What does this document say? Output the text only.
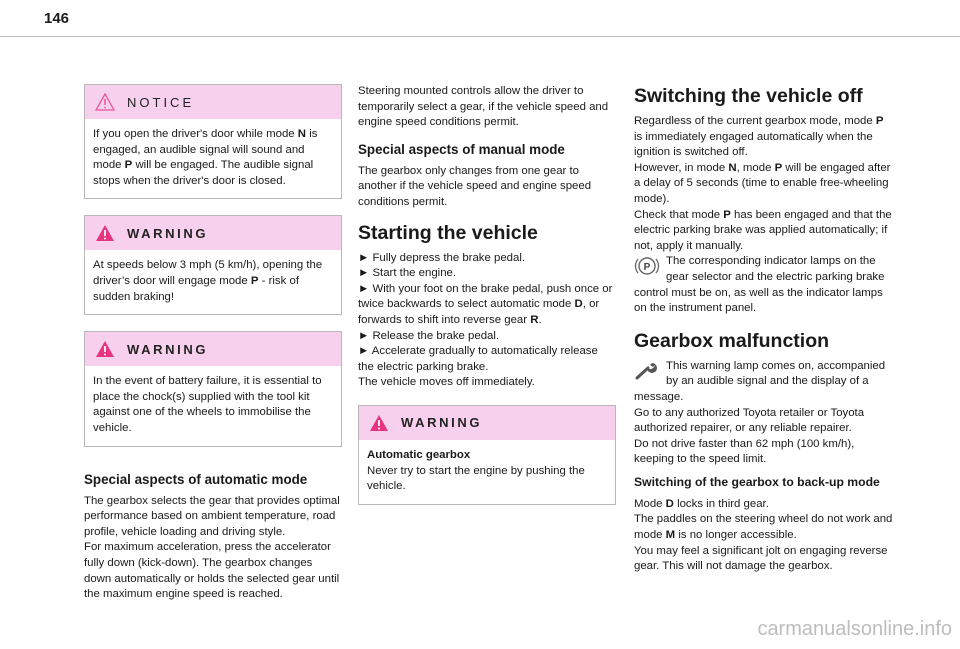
146
NOTICE

If you open the driver's door while mode N is engaged, an audible signal will sound and mode P will be engaged. The audible signal stops when the driver's door is closed.

WARNING

At speeds below 3 mph (5 km/h), opening the driver’s door will engage mode P - risk of sudden braking!

WARNING

In the event of battery failure, it is essential to place the chock(s) supplied with the tool kit against one of the wheels to immobilise the vehicle.

Special aspects of automatic mode

The gearbox selects the gear that provides optimal performance based on ambient temperature, road profile, vehicle loading and driving style.

For maximum acceleration, press the accelerator fully down (kick-down). The gearbox changes down automatically or holds the selected gear until the maximum engine speed is reached.

Steering mounted controls allow the driver to temporarily select a gear, if the vehicle speed and engine speed conditions permit.

Special aspects of manual mode

The gearbox only changes from one gear to another if the vehicle speed and engine speed conditions permit.

Starting the vehicle

► Fully depress the brake pedal.

► Start the engine.

► With your foot on the brake pedal, push once or twice backwards to select automatic mode D, or forwards to shift into reverse gear R.

► Release the brake pedal.

► Accelerate gradually to automatically release the electric parking brake.

The vehicle moves off immediately.

WARNING

Automatic gearbox

Never try to start the engine by pushing the vehicle.

Switching the vehicle off

Regardless of the current gearbox mode, mode P is immediately engaged automatically when the ignition is switched off.

However, in mode N, mode P will be engaged after a delay of 5 seconds (time to enable free-wheeling mode).

Check that mode P has been engaged and that the electric parking brake was applied automatically; if not, apply it manually.

P
The corresponding indicator lamps on the gear selector and the electric parking brake control must be on, as well as the indicator lamps on the instrument panel.

Gearbox malfunction

This warning lamp comes on, accompanied by an audible signal and the display of a message.

Go to any authorized Toyota retailer or Toyota authorized repairer, or any reliable repairer.

Do not drive faster than 62 mph (100 km/h), keeping to the speed limit.

Switching of the gearbox to back-up mode

Mode D locks in third gear.

The paddles on the steering wheel do not work and mode M is no longer accessible.

You may feel a significant jolt on engaging reverse gear. This will not damage the gearbox.

carmanualsonline.info
